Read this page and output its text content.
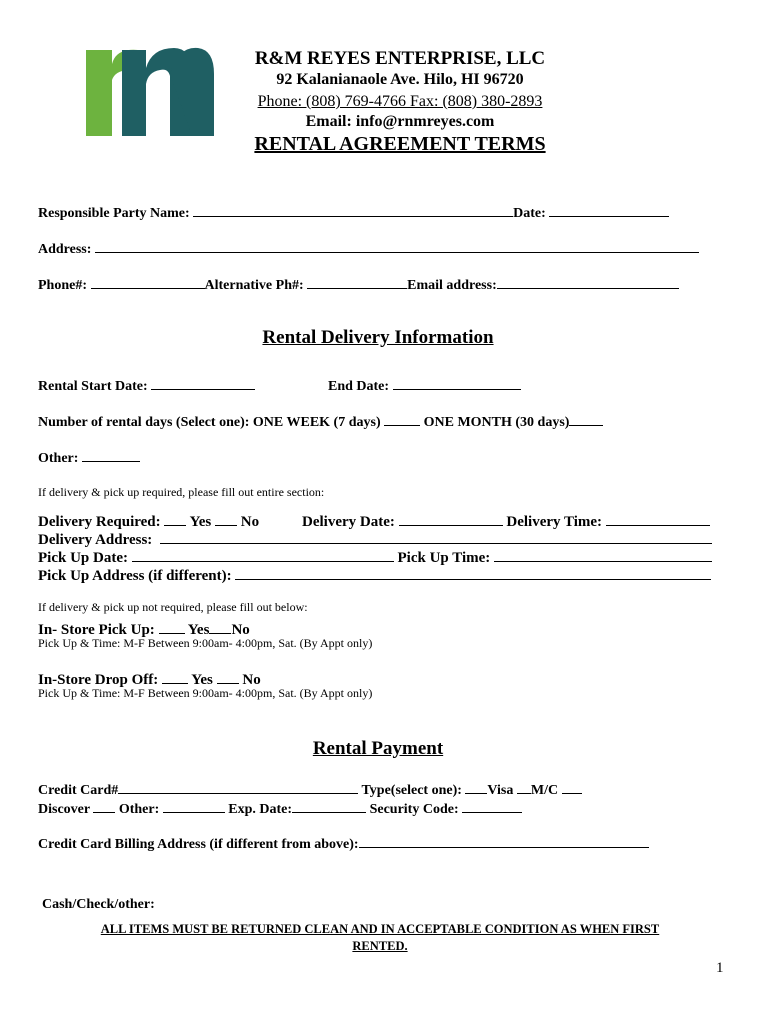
R&M REYES ENTERPRISE, LLC
92 Kalanianaole Ave. Hilo, HI 96720
Phone: (808) 769-4766 Fax: (808) 380-2893
Email: info@rnmreyes.com
RENTAL AGREEMENT TERMS
Responsible Party Name:	Date:
Address:
Phone#:	Alternative Ph#:	Email address:
Rental Delivery Information
Rental Start Date:	End Date:
Number of rental days (Select one): ONE WEEK (7 days)	ONE MONTH (30 days)
Other:
If delivery & pick up required, please fill out entire section:
Delivery Required: Yes No	Delivery Date:	Delivery Time:
Delivery Address:
Pick Up Date:	Pick Up Time:
Pick Up Address (if different):
If delivery & pick up not required, please fill out below:
In- Store Pick Up: Yes No
Pick Up & Time: M-F Between 9:00am- 4:00pm, Sat. (By Appt only)
In-Store Drop Off: Yes No
Pick Up & Time: M-F Between 9:00am- 4:00pm, Sat. (By Appt only)
Rental Payment
Credit Card#	Type(select one): Visa M/C
Discover Other:	Exp. Date:	Security Code:
Credit Card Billing Address (if different from above):
Cash/Check/other:
ALL ITEMS MUST BE RETURNED CLEAN AND IN ACCEPTABLE CONDITION AS WHEN FIRST
RENTED.
1
